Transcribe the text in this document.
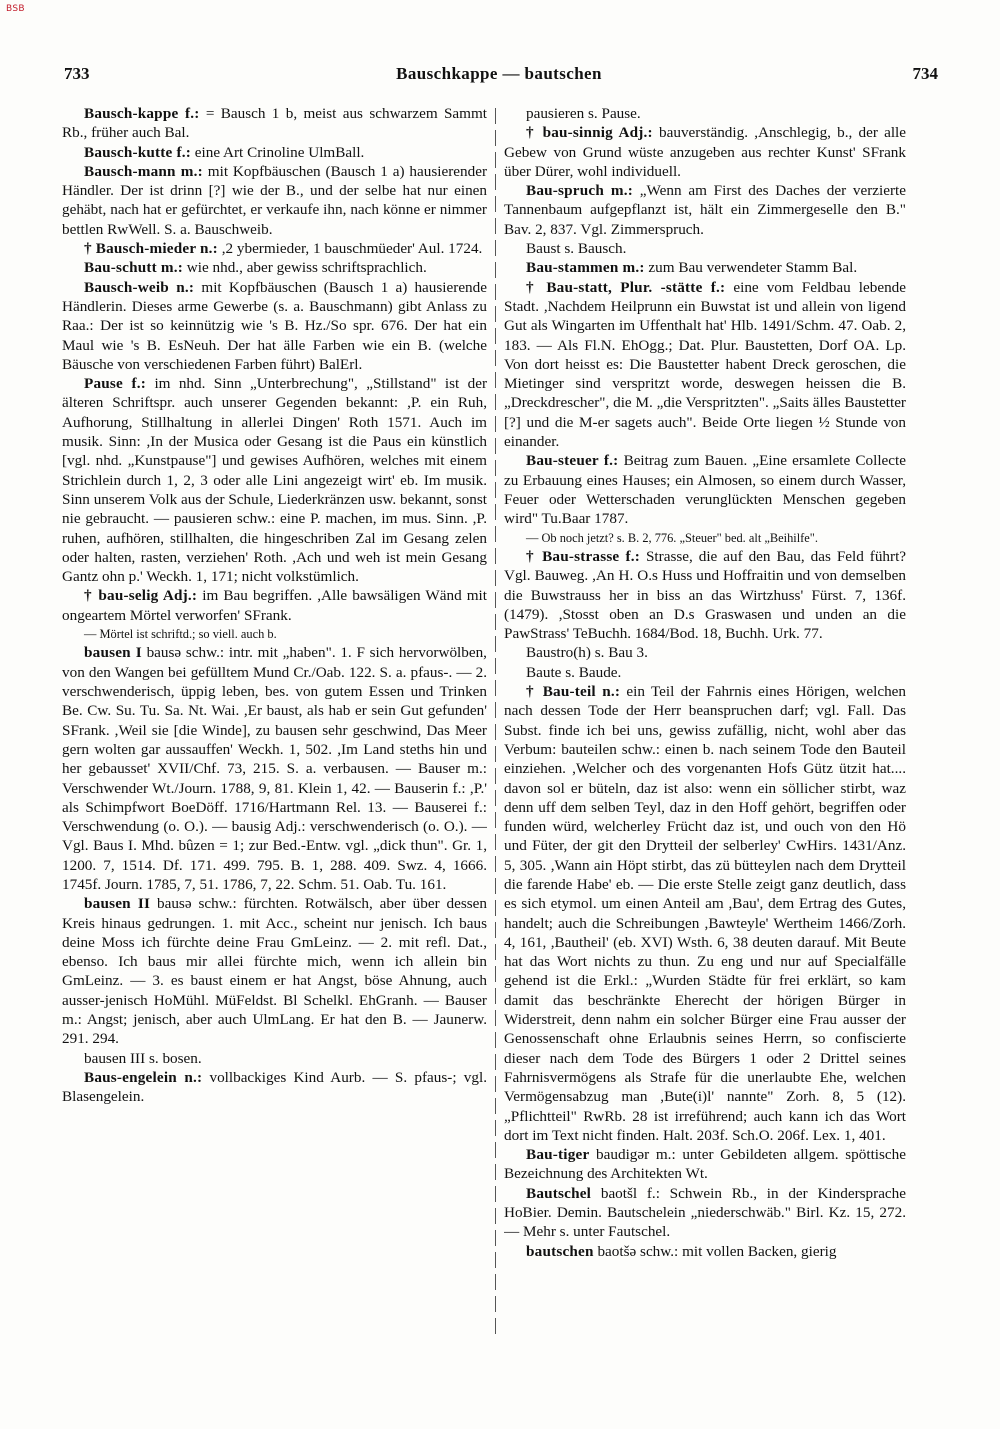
BSB
733	Bauschkappe — bautschen	734

Bausch-kappe f.: = Bausch 1 b, meist aus schwarzem Sammt Rb., früher auch Bal.

Bausch-kutte f.: eine Art Crinoline UlmBall.

Bausch-mann m.: mit Kopfbäuschen (Bausch 1 a) hausierender Händler. Der ist drinn [?] wie der B., und der selbe hat nur einen gehäbt, nach hat er gefürchtet, er verkaufe ihn, nach könne er nimmer bettlen RwWell. S. a. Bauschweib.

† Bausch-mieder n.: ,2 ybermieder, 1 bauschmüeder' Aul. 1724.

Bau-schutt m.: wie nhd., aber gewiss schriftsprachlich.

Bausch-weib n.: mit Kopfbäuschen (Bausch 1 a) hausierende Händlerin. Dieses arme Gewerbe (s. a. Bauschmann) gibt Anlass zu Raa.: Der ist so keinnützig wie 's B. Hz./So spr. 676. Der hat ein Maul wie 's B. EsNeuh. Der hat älle Farben wie ein B. (welche Bäusche von verschiedenen Farben führt) BalErl.

Pause f.: im nhd. Sinn „Unterbrechung", „Stillstand" ist der älteren Schriftspr. auch unserer Gegenden bekannt: ,P. ein Ruh, Aufhorung, Stillhaltung in allerlei Dingen' Roth 1571. Auch im musik. Sinn: ,In der Musica oder Gesang ist die Paus ein künstlich [vgl. nhd. „Kunstpause"] und gewises Aufhören, welches mit einem Strichlein durch 1, 2, 3 oder alle Lini angezeigt wirt' eb. Im musik. Sinn unserem Volk aus der Schule, Liederkränzen usw. bekannt, sonst nie gebraucht. — pausieren schw.: eine P. machen, im mus. Sinn. ,P. ruhen, aufhören, stillhalten, die hingeschriben Zal im Gesang zelen oder halten, rasten, verziehen' Roth. ,Ach und weh ist mein Gesang Gantz ohn p.' Weckh. 1, 171; nicht volkstümlich.

† bau-selig Adj.: im Bau begriffen. ,Alle bawsäligen Wänd mit ongeartem Mörtel verworfen' SFrank.

— Mörtel ist schriftd.; so viell. auch b.

bausen I bausə schw.: intr. mit „haben". 1. F sich hervorwölben, von den Wangen bei gefülltem Mund Cr./Oab. 122. S. a. pfaus-. — 2. verschwenderisch, üppig leben, bes. von gutem Essen und Trinken Be. Cw. Su. Tu. Sa. Nt. Wai. ,Er baust, als hab er sein Gut gefunden' SFrank. ,Weil sie [die Winde], zu bausen sehr geschwind, Das Meer gern wolten gar aussauffen' Weckh. 1, 502. ,Im Land steths hin und her gebausset' XVII/Chf. 73, 215. S. a. verbausen. — Bauser m.: Verschwender Wt./Journ. 1788, 9, 81. Klein 1, 42. — Bauserin f.: ,P.' als Schimpfwort BoeDöff. 1716/Hartmann Rel. 13. — Bauserei f.: Verschwendung (o. O.). — bausig Adj.: verschwenderisch (o. O.). — Vgl. Baus I. Mhd. bûzen = 1; zur Bed.-Entw. vgl. „dick thun". Gr. 1, 1200. 7, 1514. Df. 171. 499. 795. B. 1, 288. 409. Swz. 4, 1666. 1745f. Journ. 1785, 7, 51. 1786, 7, 22. Schm. 51. Oab. Tu. 161.

bausen II bausə schw.: fürchten. Rotwälsch, aber über dessen Kreis hinaus gedrungen. 1. mit Acc., scheint nur jenisch. Ich baus deine Moss ich fürchte deine Frau GmLeinz. — 2. mit refl. Dat., ebenso. Ich baus mir allei fürchte mich, wenn ich allein bin GmLeinz. — 3. es baust einem er hat Angst, böse Ahnung, auch ausser-jenisch HoMühl. MüFeldst. Bl Schelkl. EhGranh. — Bauser m.: Angst; jenisch, aber auch UlmLang. Er hat den B. — Jaunerw. 291. 294.

bausen III s. bosen.

Baus-engelein n.: vollbackiges Kind Aurb. — S. pfaus-; vgl. Blasengelein.

pausieren s. Pause.

† bau-sinnig Adj.: bauverständig. ,Anschlegig, b., der alle Gebew von Grund wüste anzugeben aus rechter Kunst' SFrank über Dürer, wohl individuell.

Bau-spruch m.: „Wenn am First des Daches der verzierte Tannenbaum aufgepflanzt ist, hält ein Zimmergeselle den B." Bav. 2, 837. Vgl. Zimmerspruch.

Baust s. Bausch.

Bau-stammen m.: zum Bau verwendeter Stamm Bal.

† Bau-statt, Plur. -stätte f.: eine vom Feldbau lebende Stadt. ,Nachdem Heilprunn ein Buwstat ist und allein von ligend Gut als Wingarten im Uffenthalt hat' Hlb. 1491/Schm. 47. Oab. 2, 183. — Als Fl.N. EhOgg.; Dat. Plur. Baustetten, Dorf OA. Lp. Von dort heisst es: Die Baustetter habent Dreck geroschen, die Mietinger sind verspritzt worde, deswegen heissen die B. „Dreckdrescher", die M. „die Verspritzten". „Saits älles Baustetter [?] und die M-er sagets auch". Beide Orte liegen ½ Stunde von einander.

Bau-steuer f.: Beitrag zum Bauen. „Eine ersamlete Collecte zu Erbauung eines Hauses; ein Almosen, so einem durch Wasser, Feuer oder Wetterschaden verunglückten Menschen gegeben wird" Tu.Baar 1787.

— Ob noch jetzt? s. B. 2, 776. „Steuer" bed. alt „Beihilfe".

† Bau-strasse f.: Strasse, die auf den Bau, das Feld führt? Vgl. Bauweg. ,An H. O.s Huss und Hoffraitin und von demselben die Buwstrauss her in biss an das Wirtzhuss' Fürst. 7, 136f. (1479). ,Stosst oben an D.s Graswasen und unden an die PawStrass' TeBuchh. 1684/Bod. 18, Buchh. Urk. 77.

Baustro(h) s. Bau 3.

Baute s. Baude.

† Bau-teil n.: ein Teil der Fahrnis eines Hörigen, welchen nach dessen Tode der Herr beanspruchen darf; vgl. Fall. Das Subst. finde ich bei uns, gewiss zufällig, nicht, wohl aber das Verbum: bauteilen schw.: einen b. nach seinem Tode den Bauteil einziehen. ,Welcher och des vorgenanten Hofs Gütz ützit hat.... davon sol er büteln, daz ist also: wenn ein söllicher stirbt, waz denn uff dem selben Teyl, daz in den Hoff gehört, begriffen oder funden würd, welcherley Frücht daz ist, und ouch von den Hö und Füter, der git den Drytteil der selberley' CwHirs. 1431/Anz. 5, 305. ,Wann ain Höpt stirbt, das zü bütteylen nach dem Drytteil die farende Habe' eb. — Die erste Stelle zeigt ganz deutlich, dass es sich etymol. um einen Anteil am ,Bau', dem Ertrag des Gutes, handelt; auch die Schreibungen ,Bawteyle' Wertheim 1466/Zorh. 4, 161, ,Bautheil' (eb. XVI) Wsth. 6, 38 deuten darauf. Mit Beute hat das Wort nichts zu thun. Zu eng und nur auf Specialfälle gehend ist die Erkl.: „Wurden Städte für frei erklärt, so kam damit das beschränkte Eherecht der hörigen Bürger in Widerstreit, denn nahm ein solcher Bürger eine Frau ausser der Genossenschaft ohne Erlaubnis seines Herrn, so confiscierte dieser nach dem Tode des Bürgers 1 oder 2 Drittel seines Fahrnisvermögens als Strafe für die unerlaubte Ehe, welchen Vermögensabzug man ,Bute(i)l' nannte" Zorh. 8, 5 (12). „Pflichtteil" RwRb. 28 ist irreführend; auch kann ich das Wort dort im Text nicht finden. Halt. 203f. Sch.O. 206f. Lex. 1, 401.

Bau-tiger baudigər m.: unter Gebildeten allgem. spöttische Bezeichnung des Architekten Wt.

Bautschel baotšl f.: Schwein Rb., in der Kindersprache HoBier. Demin. Bautschelein „niederschwäb." Birl. Kz. 15, 272. — Mehr s. unter Fautschel.

bautschen baotšə schw.: mit vollen Backen, gierig
